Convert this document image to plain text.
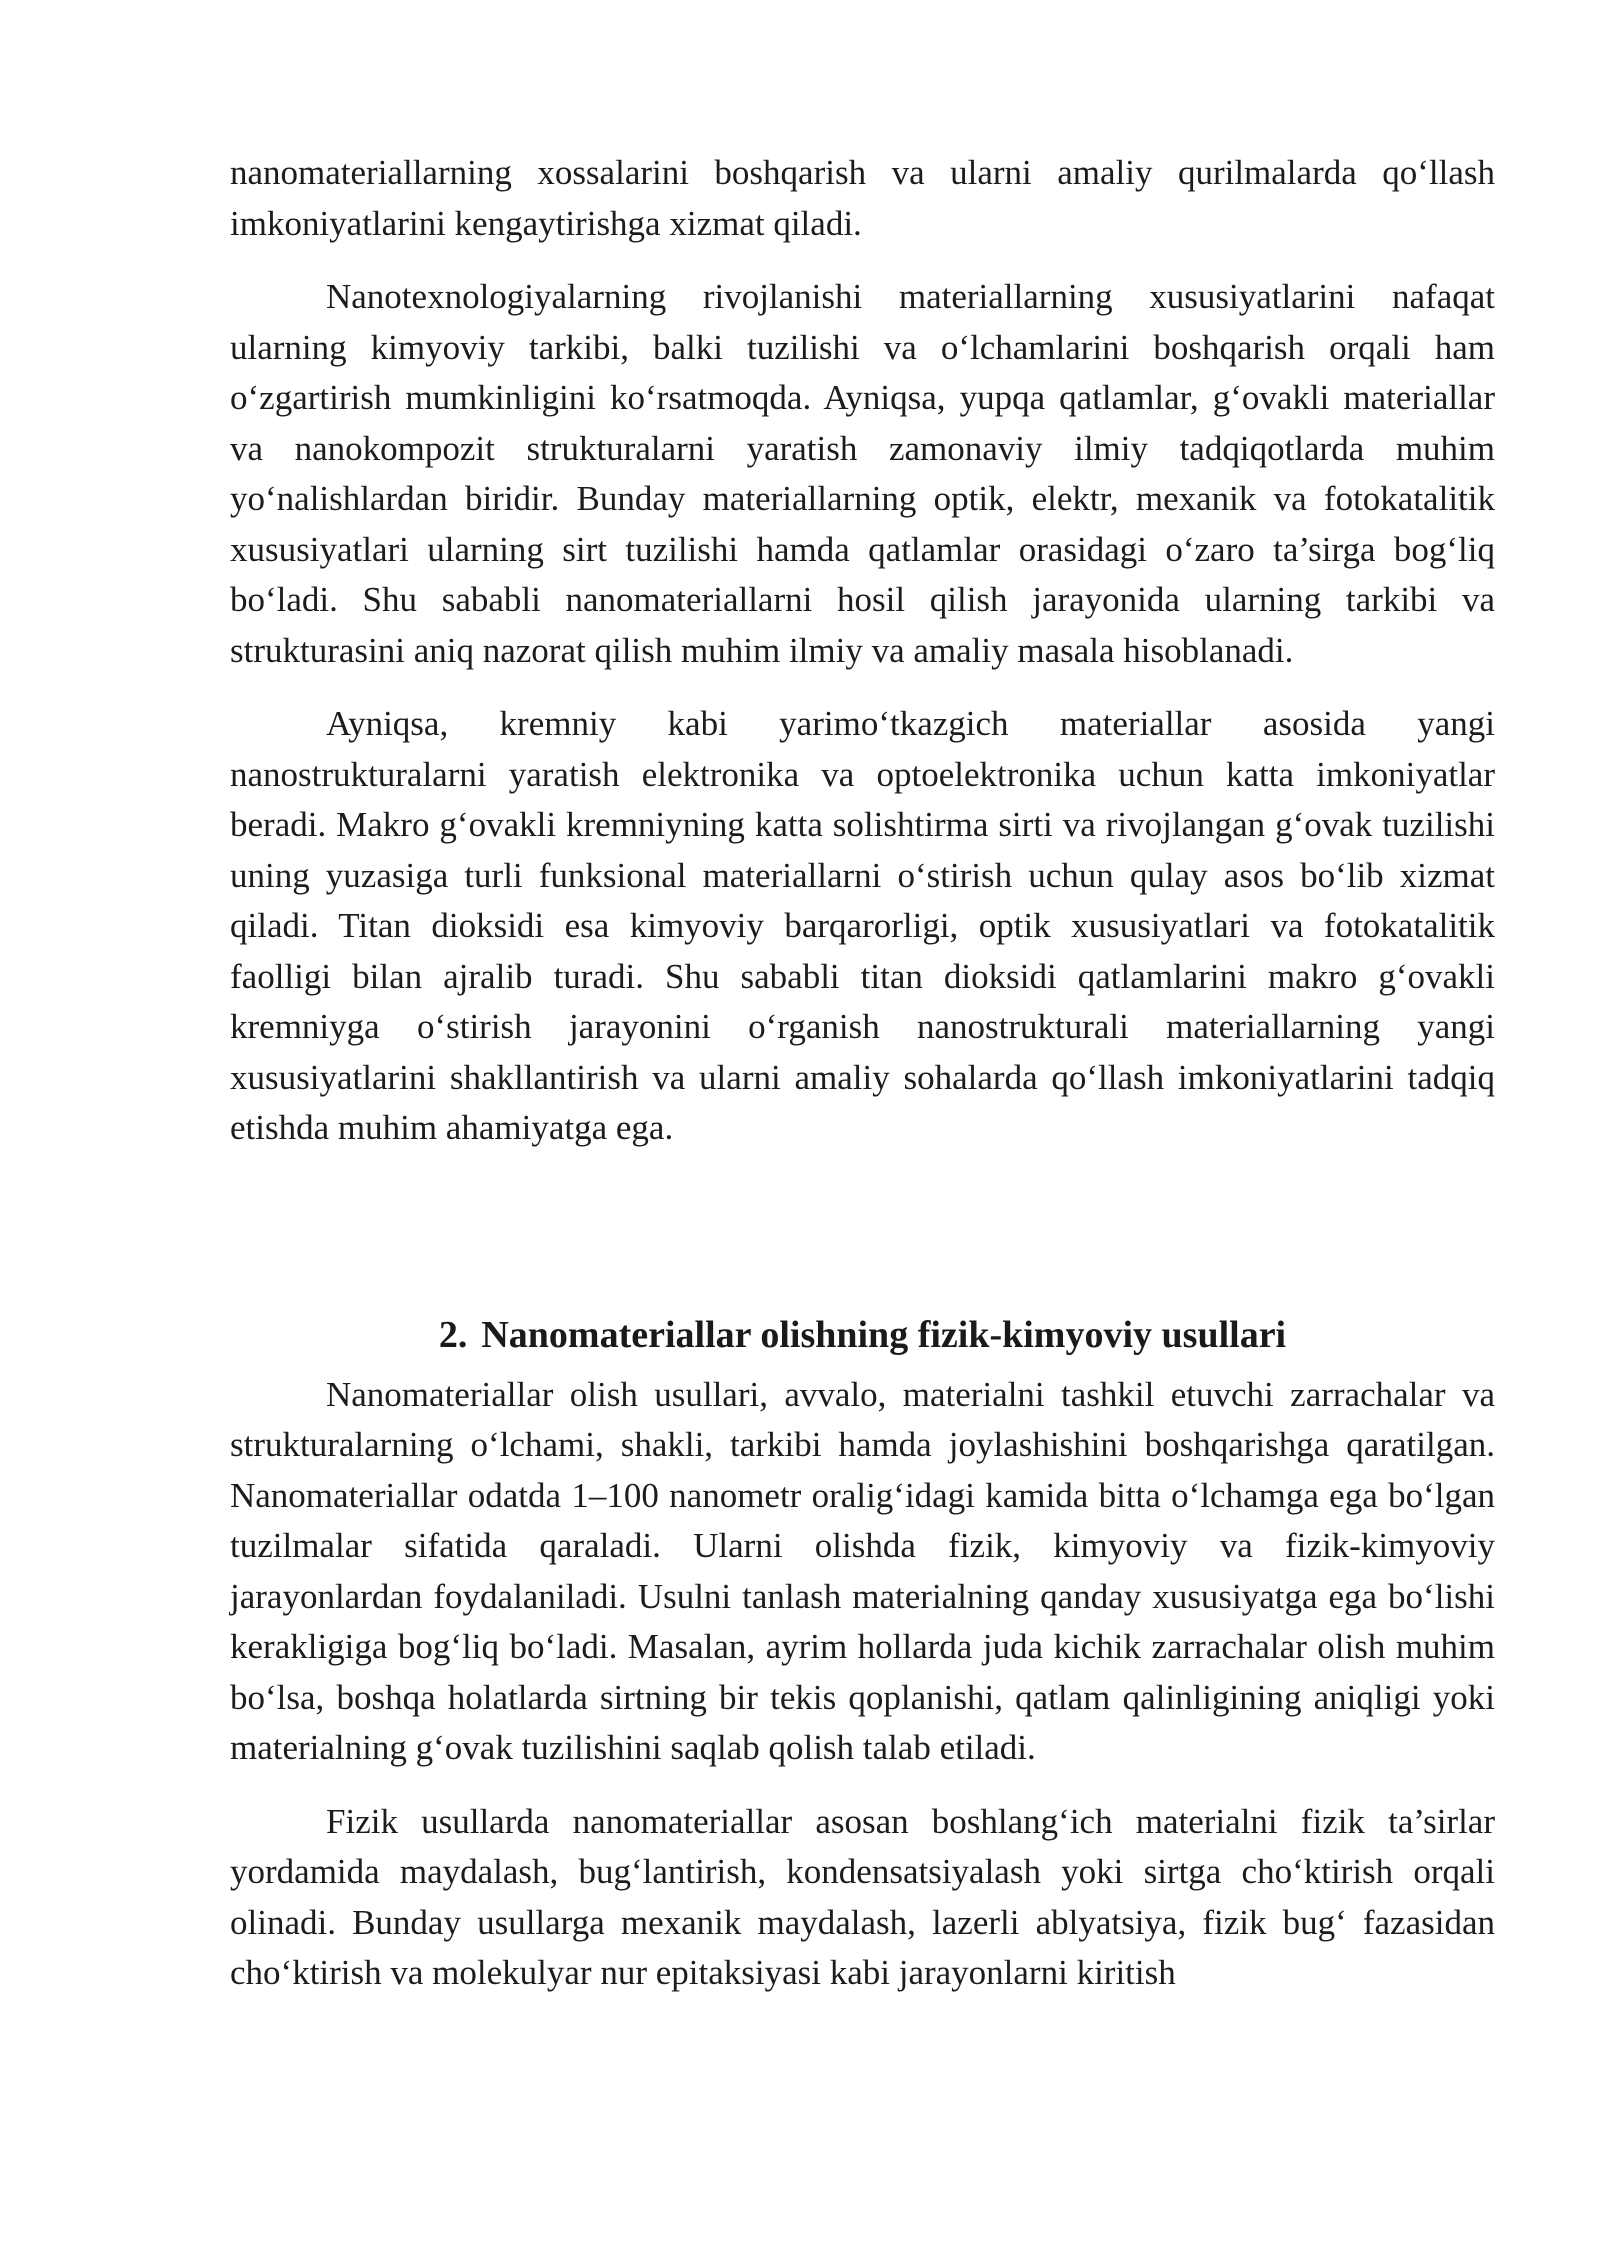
nanomateriallarning xossalarini boshqarish va ularni amaliy qurilmalarda qo‘llash imkoniyatlarini kengaytirishga xizmat qiladi.

Nanotexnologiyalarning rivojlanishi materiallarning xususiyatlarini nafaqat ularning kimyoviy tarkibi, balki tuzilishi va o‘lchamlarini boshqarish orqali ham o‘zgartirish mumkinligini ko‘rsatmoqda. Ayniqsa, yupqa qatlamlar, g‘ovakli materiallar va nanokompozit strukturalarni yaratish zamonaviy ilmiy tadqiqotlarda muhim yo‘nalishlardan biridir. Bunday materiallarning optik, elektr, mexanik va fotokatalitik xususiyatlari ularning sirt tuzilishi hamda qatlamlar orasidagi o‘zaro ta’sirga bog‘liq bo‘ladi. Shu sababli nanomateriallarni hosil qilish jarayonida ularning tarkibi va strukturasini aniq nazorat qilish muhim ilmiy va amaliy masala hisoblanadi.

Ayniqsa, kremniy kabi yarimo‘tkazgich materiallar asosida yangi nanostrukturalarni yaratish elektronika va optoelektronika uchun katta imkoniyatlar beradi. Makro g‘ovakli kremniyning katta solishtirma sirti va rivojlangan g‘ovak tuzilishi uning yuzasiga turli funksional materiallarni o‘stirish uchun qulay asos bo‘lib xizmat qiladi. Titan dioksidi esa kimyoviy barqarorligi, optik xususiyatlari va fotokatalitik faolligi bilan ajralib turadi. Shu sababli titan dioksidi qatlamlarini makro g‘ovakli kremniyga o‘stirish jarayonini o‘rganish nanostrukturali materiallarning yangi xususiyatlarini shakllantirish va ularni amaliy sohalarda qo‘llash imkoniyatlarini tadqiq etishda muhim ahamiyatga ega.

2. Nanomateriallar olishning fizik-kimyoviy usullari

Nanomateriallar olish usullari, avvalo, materialni tashkil etuvchi zarrachalar va strukturalarning o‘lchami, shakli, tarkibi hamda joylashishini boshqarishga qaratilgan. Nanomateriallar odatda 1–100 nanometr oralig‘idagi kamida bitta o‘lchamga ega bo‘lgan tuzilmalar sifatida qaraladi. Ularni olishda fizik, kimyoviy va fizik-kimyoviy jarayonlardan foydalaniladi. Usulni tanlash materialning qanday xususiyatga ega bo‘lishi kerakligiga bog‘liq bo‘ladi. Masalan, ayrim hollarda juda kichik zarrachalar olish muhim bo‘lsa, boshqa holatlarda sirtning bir tekis qoplanishi, qatlam qalinligining aniqligi yoki materialning g‘ovak tuzilishini saqlab qolish talab etiladi.

Fizik usullarda nanomateriallar asosan boshlang‘ich materialni fizik ta’sirlar yordamida maydalash, bug‘lantirish, kondensatsiyalash yoki sirtga cho‘ktirish orqali olinadi. Bunday usullarga mexanik maydalash, lazerli ablyatsiya, fizik bug‘ fazasidan cho‘ktirish va molekulyar nur epitaksiyasi kabi jarayonlarni kiritish
